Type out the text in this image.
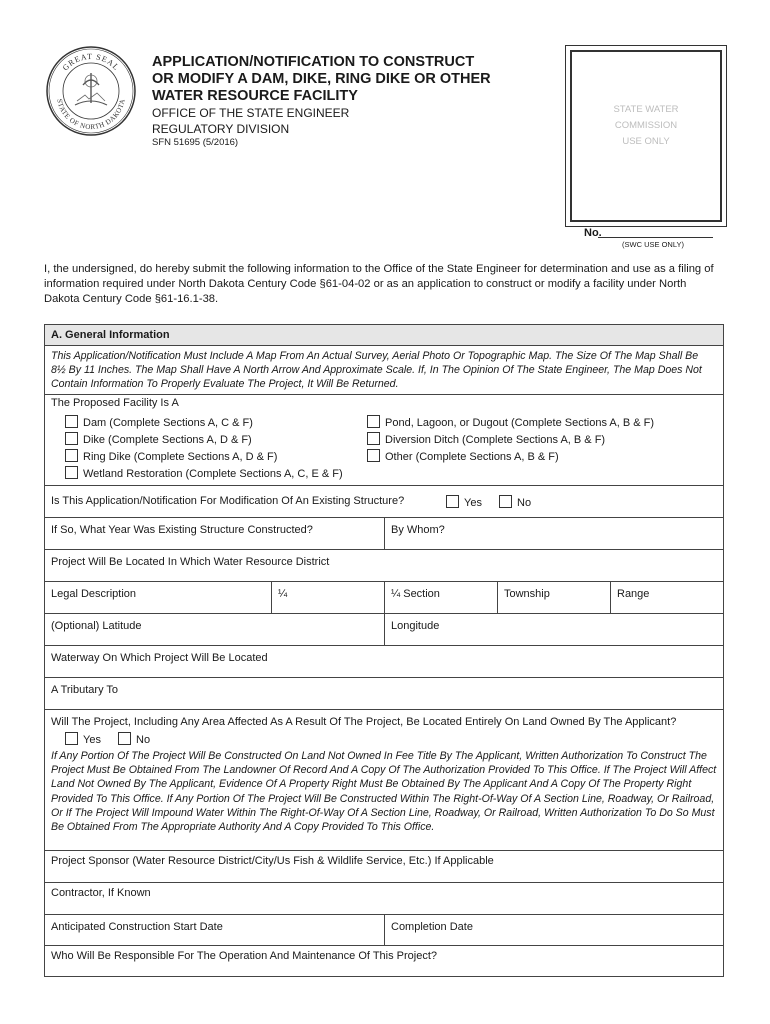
GREAT SEAL
STATE OF NORTH DAKOTA
APPLICATION/NOTIFICATION TO CONSTRUCT
OR MODIFY A DAM, DIKE, RING DIKE OR OTHER
WATER RESOURCE FACILITY
OFFICE OF THE STATE ENGINEER
REGULATORY DIVISION
SFN 51695 (5/2016)
STATE WATER
COMMISSION
USE ONLY
No.
(SWC USE ONLY)
I, the undersigned, do hereby submit the following information to the Office of the State Engineer for determination and use as a filing of information required under North Dakota Century Code §61-04-02 or as an application to construct or modify a facility under North Dakota Century Code §61-16.1-38.
A. General Information
This Application/Notification Must Include A Map From An Actual Survey, Aerial Photo Or Topographic Map. The Size Of The Map Shall Be 8½ By 11 Inches. The Map Shall Have A North Arrow And Approximate Scale. If, In The Opinion Of The State Engineer, The Map Does Not Contain Information To Properly Evaluate The Project, It Will Be Returned.
The Proposed Facility Is A
Dam (Complete Sections A, C & F)
Dike (Complete Sections A, D & F)
Ring Dike (Complete Sections A, D & F)
Wetland Restoration (Complete Sections A, C, E & F)
Pond, Lagoon, or Dugout (Complete Sections A, B & F)
Diversion Ditch (Complete Sections A, B & F)
Other (Complete Sections A, B & F)
Is This Application/Notification For Modification Of An Existing Structure?	Yes	No
If So, What Year Was Existing Structure Constructed?	By Whom?
Project Will Be Located In Which Water Resource District
Legal Description	¼	¼ Section	Township	Range
(Optional) Latitude	Longitude
Waterway On Which Project Will Be Located
A Tributary To
Will The Project, Including Any Area Affected As A Result Of The Project, Be Located Entirely On Land Owned By The Applicant?
Yes	No
If Any Portion Of The Project Will Be Constructed On Land Not Owned In Fee Title By The Applicant, Written Authorization To Construct The Project Must Be Obtained From The Landowner Of Record And A Copy Of The Authorization Provided To This Office. If The Project Will Affect Land Not Owned By The Applicant, Evidence Of A Property Right Must Be Obtained By The Applicant And A Copy Of The Property Right Provided To This Office. If Any Portion Of The Project Will Be Constructed Within The Right-Of-Way Of A Section Line, Roadway, Or Railroad, Or If The Project Will Impound Water Within The Right-Of-Way Of A Section Line, Roadway, Or Railroad, Written Authorization To Do So Must Be Obtained From The Appropriate Authority And A Copy Provided To This Office.
Project Sponsor (Water Resource District/City/Us Fish & Wildlife Service, Etc.) If Applicable
Contractor, If Known
Anticipated Construction Start Date	Completion Date
Who Will Be Responsible For The Operation And Maintenance Of This Project?
